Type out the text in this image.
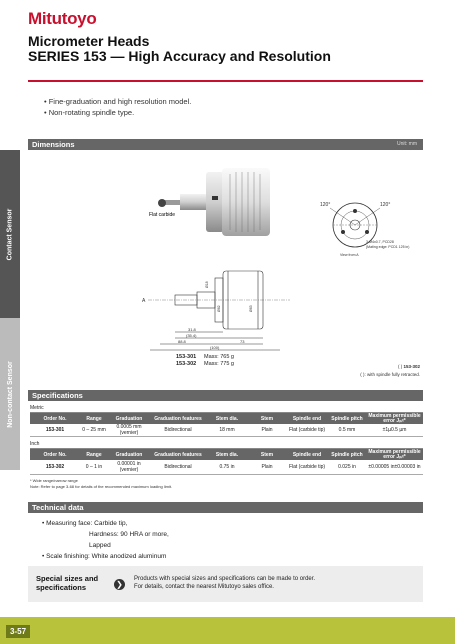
Mitutoyo
Micrometer Heads
SERIES 153 — High Accuracy and Resolution
• Fine-graduation and high resolution model.
• Non-rotating spindle type.
Contact Sensor
Non-contact Sensor
Dimensions	Unit: mm
Flat carbide
120°	120°
3-M4x0.7, PCD28
(Mating edge: PCD1 125 in)
View from A
A
31.8
(35.4)
88.8	73
(100)
Ø18
Ø62	Ø63
153-301 Mass: 765 g
153-302 Mass: 775 g	( ) 153-302
( ): with spindle fully retracted.
Specifications
Metric
Order No.	Range	Graduation	Graduation features	Stem dia.	Stem	Spindle end	Spindle pitch	Maximum permissible error Jᵢₙᵡ*
153-301	0 – 25 mm	0.0005 mm (vernier)	Bidirectional	18 mm	Plain	Flat (carbide tip)	0.5 mm	±1µ0.5 µm
Inch
Order No.	Range	Graduation	Graduation features	Stem dia.	Stem	Spindle end	Spindle pitch	Maximum permissible error Jᵢₙᵡ*
153-302	0 – 1 in	0.00001 in (vernier)	Bidirectional	0.75 in	Plain	Flat (carbide tip)	0.025 in	±0.00005 in±0.00003 in
* Wide range/narrow range
Note: Refer to page 3-68 for details of the recommended maximum loading limit.
Technical data
• Measuring face: Carbide tip,
Hardness: 90 HRA or more,
Lapped
• Scale finishing: White anodized aluminum
Special sizes and
specifications	❯
Products with special sizes and specifications can be made to order.
For details, contact the nearest Mitutoyo sales office.
3-57
